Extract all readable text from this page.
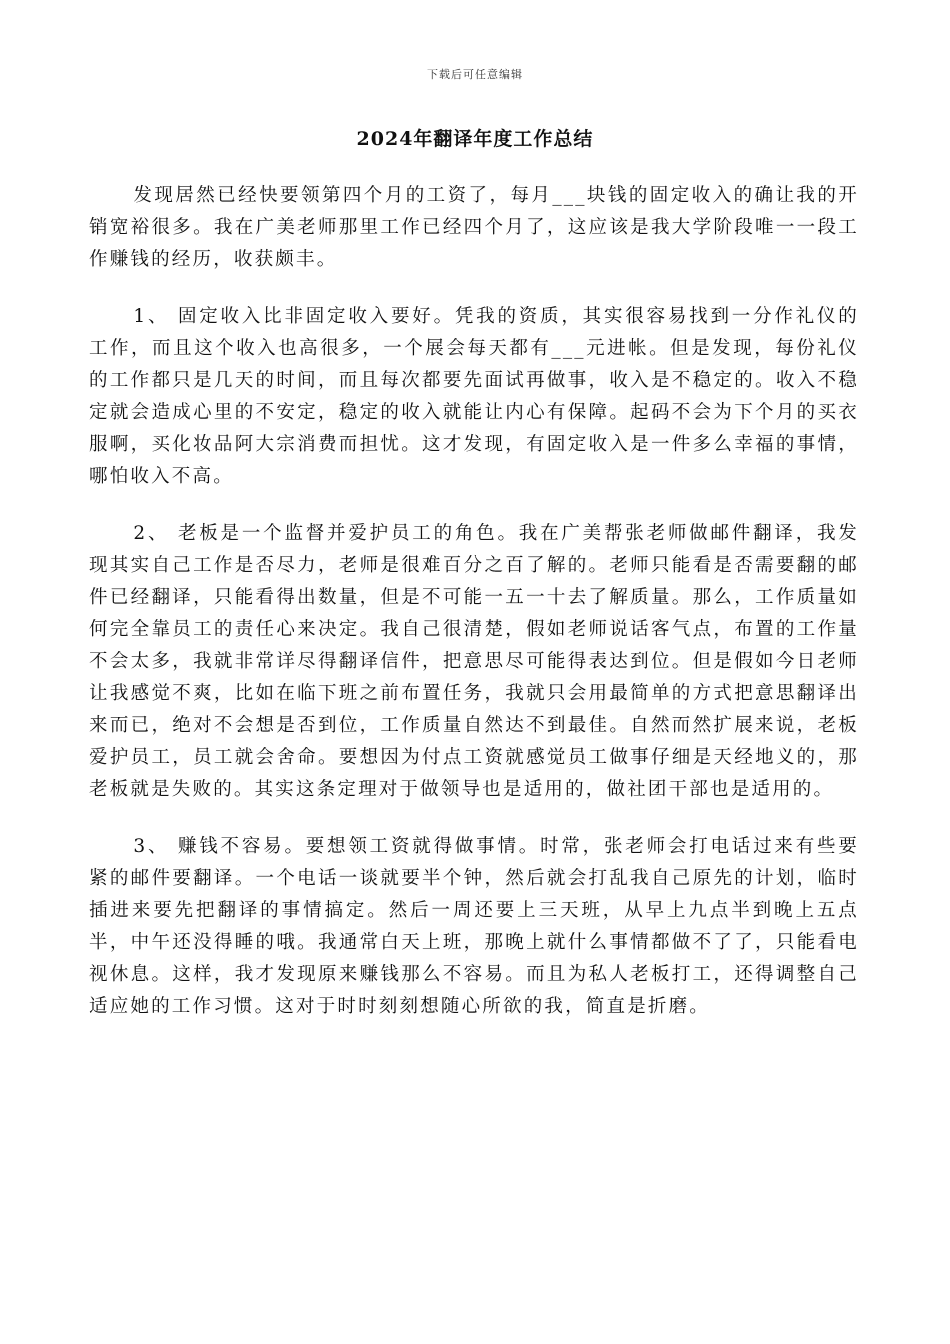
下载后可任意编辑
2024年翻译年度工作总结

发现居然已经快要领第四个月的工资了，每月___块钱的固定收入的确让我的开销宽裕很多。我在广美老师那里工作已经四个月了，这应该是我大学阶段唯一一段工作赚钱的经历，收获颇丰。

1、 固定收入比非固定收入要好。凭我的资质，其实很容易找到一分作礼仪的工作，而且这个收入也高很多，一个展会每天都有___元进帐。但是发现，每份礼仪的工作都只是几天的时间，而且每次都要先面试再做事，收入是不稳定的。收入不稳定就会造成心里的不安定，稳定的收入就能让内心有保障。起码不会为下个月的买衣服啊，买化妆品阿大宗消费而担忧。这才发现，有固定收入是一件多么幸福的事情，哪怕收入不高。

2、 老板是一个监督并爱护员工的角色。我在广美帮张老师做邮件翻译，我发现其实自己工作是否尽力，老师是很难百分之百了解的。老师只能看是否需要翻的邮件已经翻译，只能看得出数量，但是不可能一五一十去了解质量。那么，工作质量如何完全靠员工的责任心来决定。我自己很清楚，假如老师说话客气点，布置的工作量不会太多，我就非常详尽得翻译信件，把意思尽可能得表达到位。但是假如今日老师让我感觉不爽，比如在临下班之前布置任务，我就只会用最简单的方式把意思翻译出来而已，绝对不会想是否到位，工作质量自然达不到最佳。自然而然扩展来说，老板爱护员工，员工就会舍命。要想因为付点工资就感觉员工做事仔细是天经地义的，那老板就是失败的。其实这条定理对于做领导也是适用的，做社团干部也是适用的。

3、 赚钱不容易。要想领工资就得做事情。时常，张老师会打电话过来有些要紧的邮件要翻译。一个电话一谈就要半个钟，然后就会打乱我自己原先的计划，临时插进来要先把翻译的事情搞定。然后一周还要上三天班，从早上九点半到晚上五点半，中午还没得睡的哦。我通常白天上班，那晚上就什么事情都做不了了，只能看电视休息。这样，我才发现原来赚钱那么不容易。而且为私人老板打工，还得调整自己适应她的工作习惯。这对于时时刻刻想随心所欲的我，简直是折磨。
